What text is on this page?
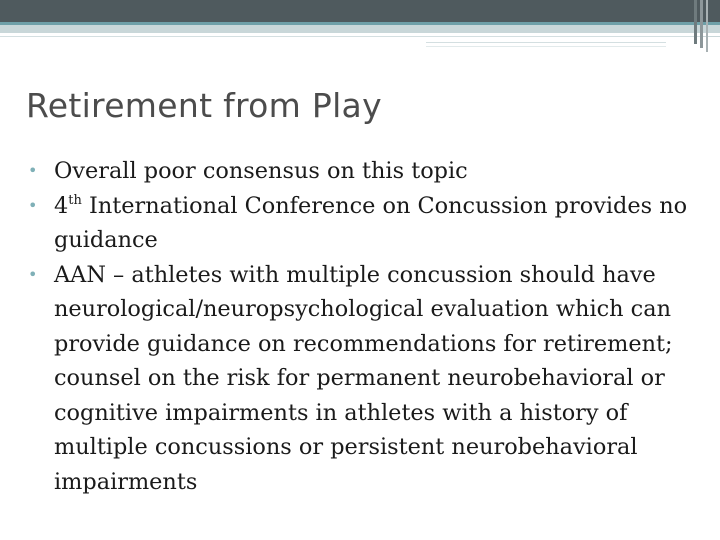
Retirement from Play

• Overall poor consensus on this topic

• 4th International Conference on Concussion provides no guidance

• AAN – athletes with multiple concussion should have neurological/neuropsychological evaluation which can provide guidance on recommendations for retirement; counsel on the risk for permanent neurobehavioral or cognitive impairments in athletes with a history of multiple concussions or persistent neurobehavioral impairments
